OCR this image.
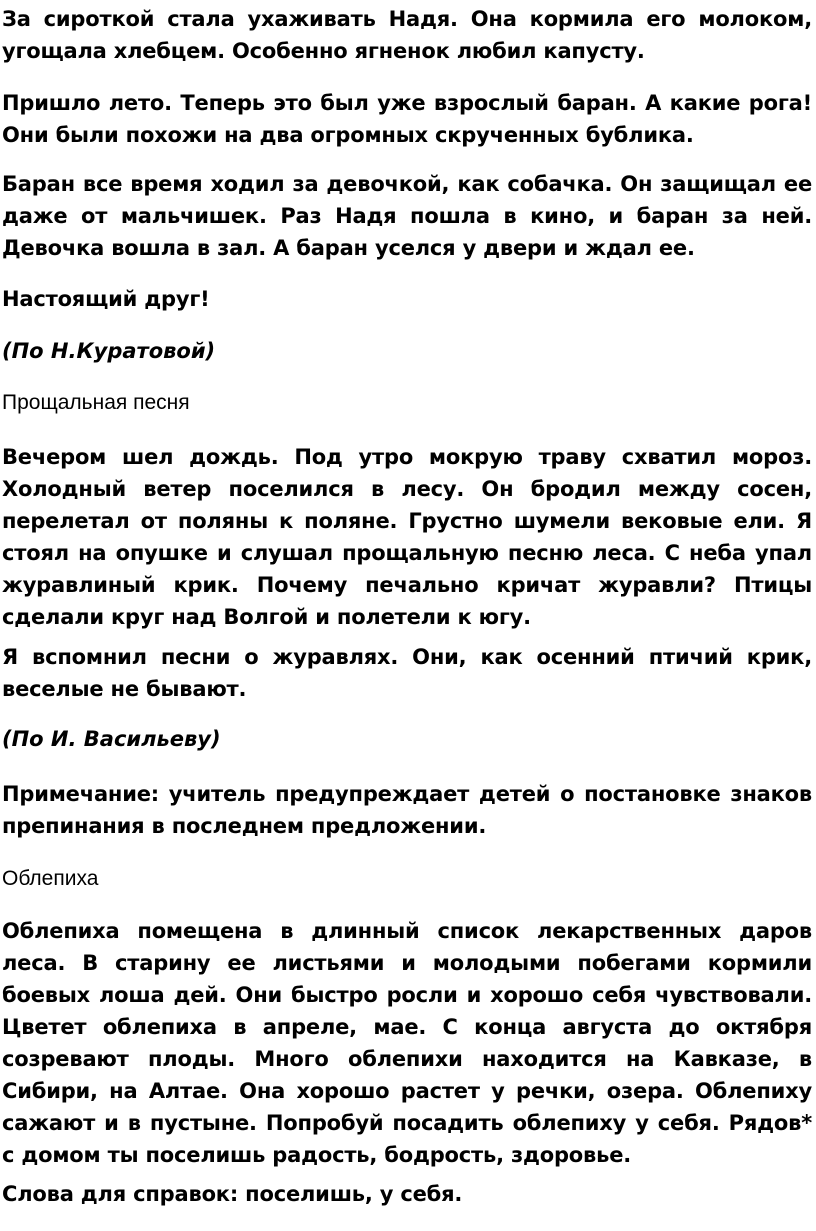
За сироткой стала ухаживать Надя. Она кормила его молоком, угощала хлебцем. Особенно ягненок любил капусту.

Пришло лето. Теперь это был уже взрослый баран. А какие рога! Они были похожи на два огромных скрученных бублика.

Баран все время ходил за девочкой, как собачка. Он защищал ее даже от мальчишек. Раз Надя пошла в кино, и баран за ней. Девочка вошла в зал. А баран уселся у двери и ждал ее.

Настоящий друг!

(По Н.Куратовой)

Прощальная песня

Вечером шел дождь. Под утро мокрую траву схватил мороз. Холодный ветер поселился в лесу. Он бродил между сосен, перелетал от поляны к поляне. Грустно шумели вековые ели. Я стоял на опушке и слушал прощальную песню леса. С неба упал журавлиный крик. Почему печально кричат журавли? Птицы сделали круг над Волгой и полетели к югу.

Я вспомнил песни о журавлях. Они, как осенний птичий крик, веселые не бывают.

(По И. Васильеву)

Примечание: учитель предупреждает детей о постановке знаков препинания в последнем предложении.

Облепиха

Облепиха помещена в длинный список лекарственных даров леса. В старину ее листьями и молодыми побегами кормили боевых лоша дей. Они быстро росли и хорошо себя чувствовали. Цветет облепиха в апреле, мае. С конца августа до октября созревают плоды. Много облепихи находится на Кавказе, в Сибири, на Алтае. Она хорошо растет у речки, озера. Облепиху сажают и в пустыне. Попробуй посадить облепиху у себя. Рядов* с домом ты поселишь радость, бодрость, здоровье.

Слова для справок: поселишь, у себя.
